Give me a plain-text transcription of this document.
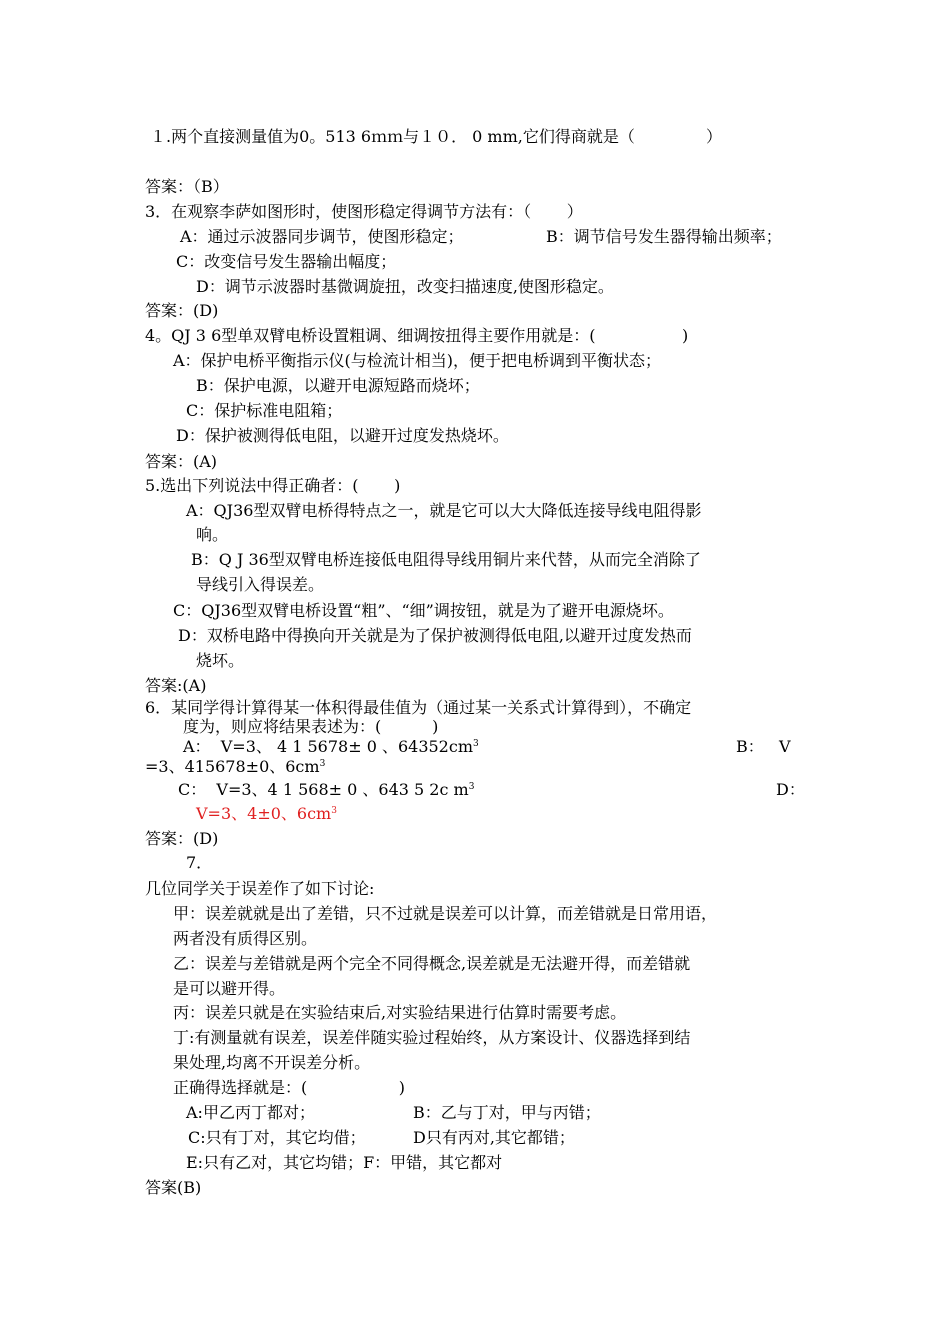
１.两个直接测量值为0。513 6ｍｍ与１０． 0 mm,它们得商就是（              ）
答案：（B）
3．在观察李萨如图形时，使图形稳定得调节方法有：（       ）
A：通过示波器同步调节，使图形稳定；	B：调节信号发生器得输出频率；
C：改变信号发生器输出幅度；
D：调节示波器时基微调旋扭，改变扫描速度,使图形稳定。
答案：(D)
4。QJ 3 6型单双臂电桥设置粗调、细调按扭得主要作用就是：(                 )
A：保护电桥平衡指示仪(与检流计相当)，便于把电桥调到平衡状态；
B：保护电源，以避开电源短路而烧坏；
C：保护标准电阻箱；
D：保护被测得低电阻，以避开过度发热烧坏。
答案：(A)
5.选出下列说法中得正确者：(       )
A：QJ36型双臂电桥得特点之一，就是它可以大大降低连接导线电阻得影
响。
B：Q J 36型双臂电桥连接低电阻得导线用铜片来代替，从而完全消除了
导线引入得误差。
C：QJ36型双臂电桥设置“粗”、“细”调按钮，就是为了避开电源烧坏。
D：双桥电路中得换向开关就是为了保护被测得低电阻,以避开过度发热而
烧坏。
答案:(A)
6．某同学得计算得某一体积得最佳值为（通过某一关系式计算得到），不确定
度为，则应将结果表述为：(          )
A：  V=3、 4 1 5678± 0 、$64352cm^3$	B：   V
=3、415678±0、$6cm^3$
C：  V=3、4 1 568± 0 、643 5 2c $m^3$	D：
V=3、4±0、$6cm^3$
答案：(D)
7．
几位同学关于误差作了如下讨论:
甲：误差就就是出了差错，只不过就是误差可以计算，而差错就是日常用语，
两者没有质得区别。
乙：误差与差错就是两个完全不同得概念,误差就是无法避开得，而差错就
是可以避开得。
丙：误差只就是在实验结束后,对实验结果进行估算时需要考虑。
丁:有测量就有误差，误差伴随实验过程始终，从方案设计、仪器选择到结
果处理,均离不开误差分析。
正确得选择就是：(                  )
A:甲乙丙丁都对；	B：乙与丁对，甲与丙错；
C:只有丁对，其它均借；	D只有丙对,其它都错；
E:只有乙对，其它均错；F：甲错，其它都对
答案(B)
